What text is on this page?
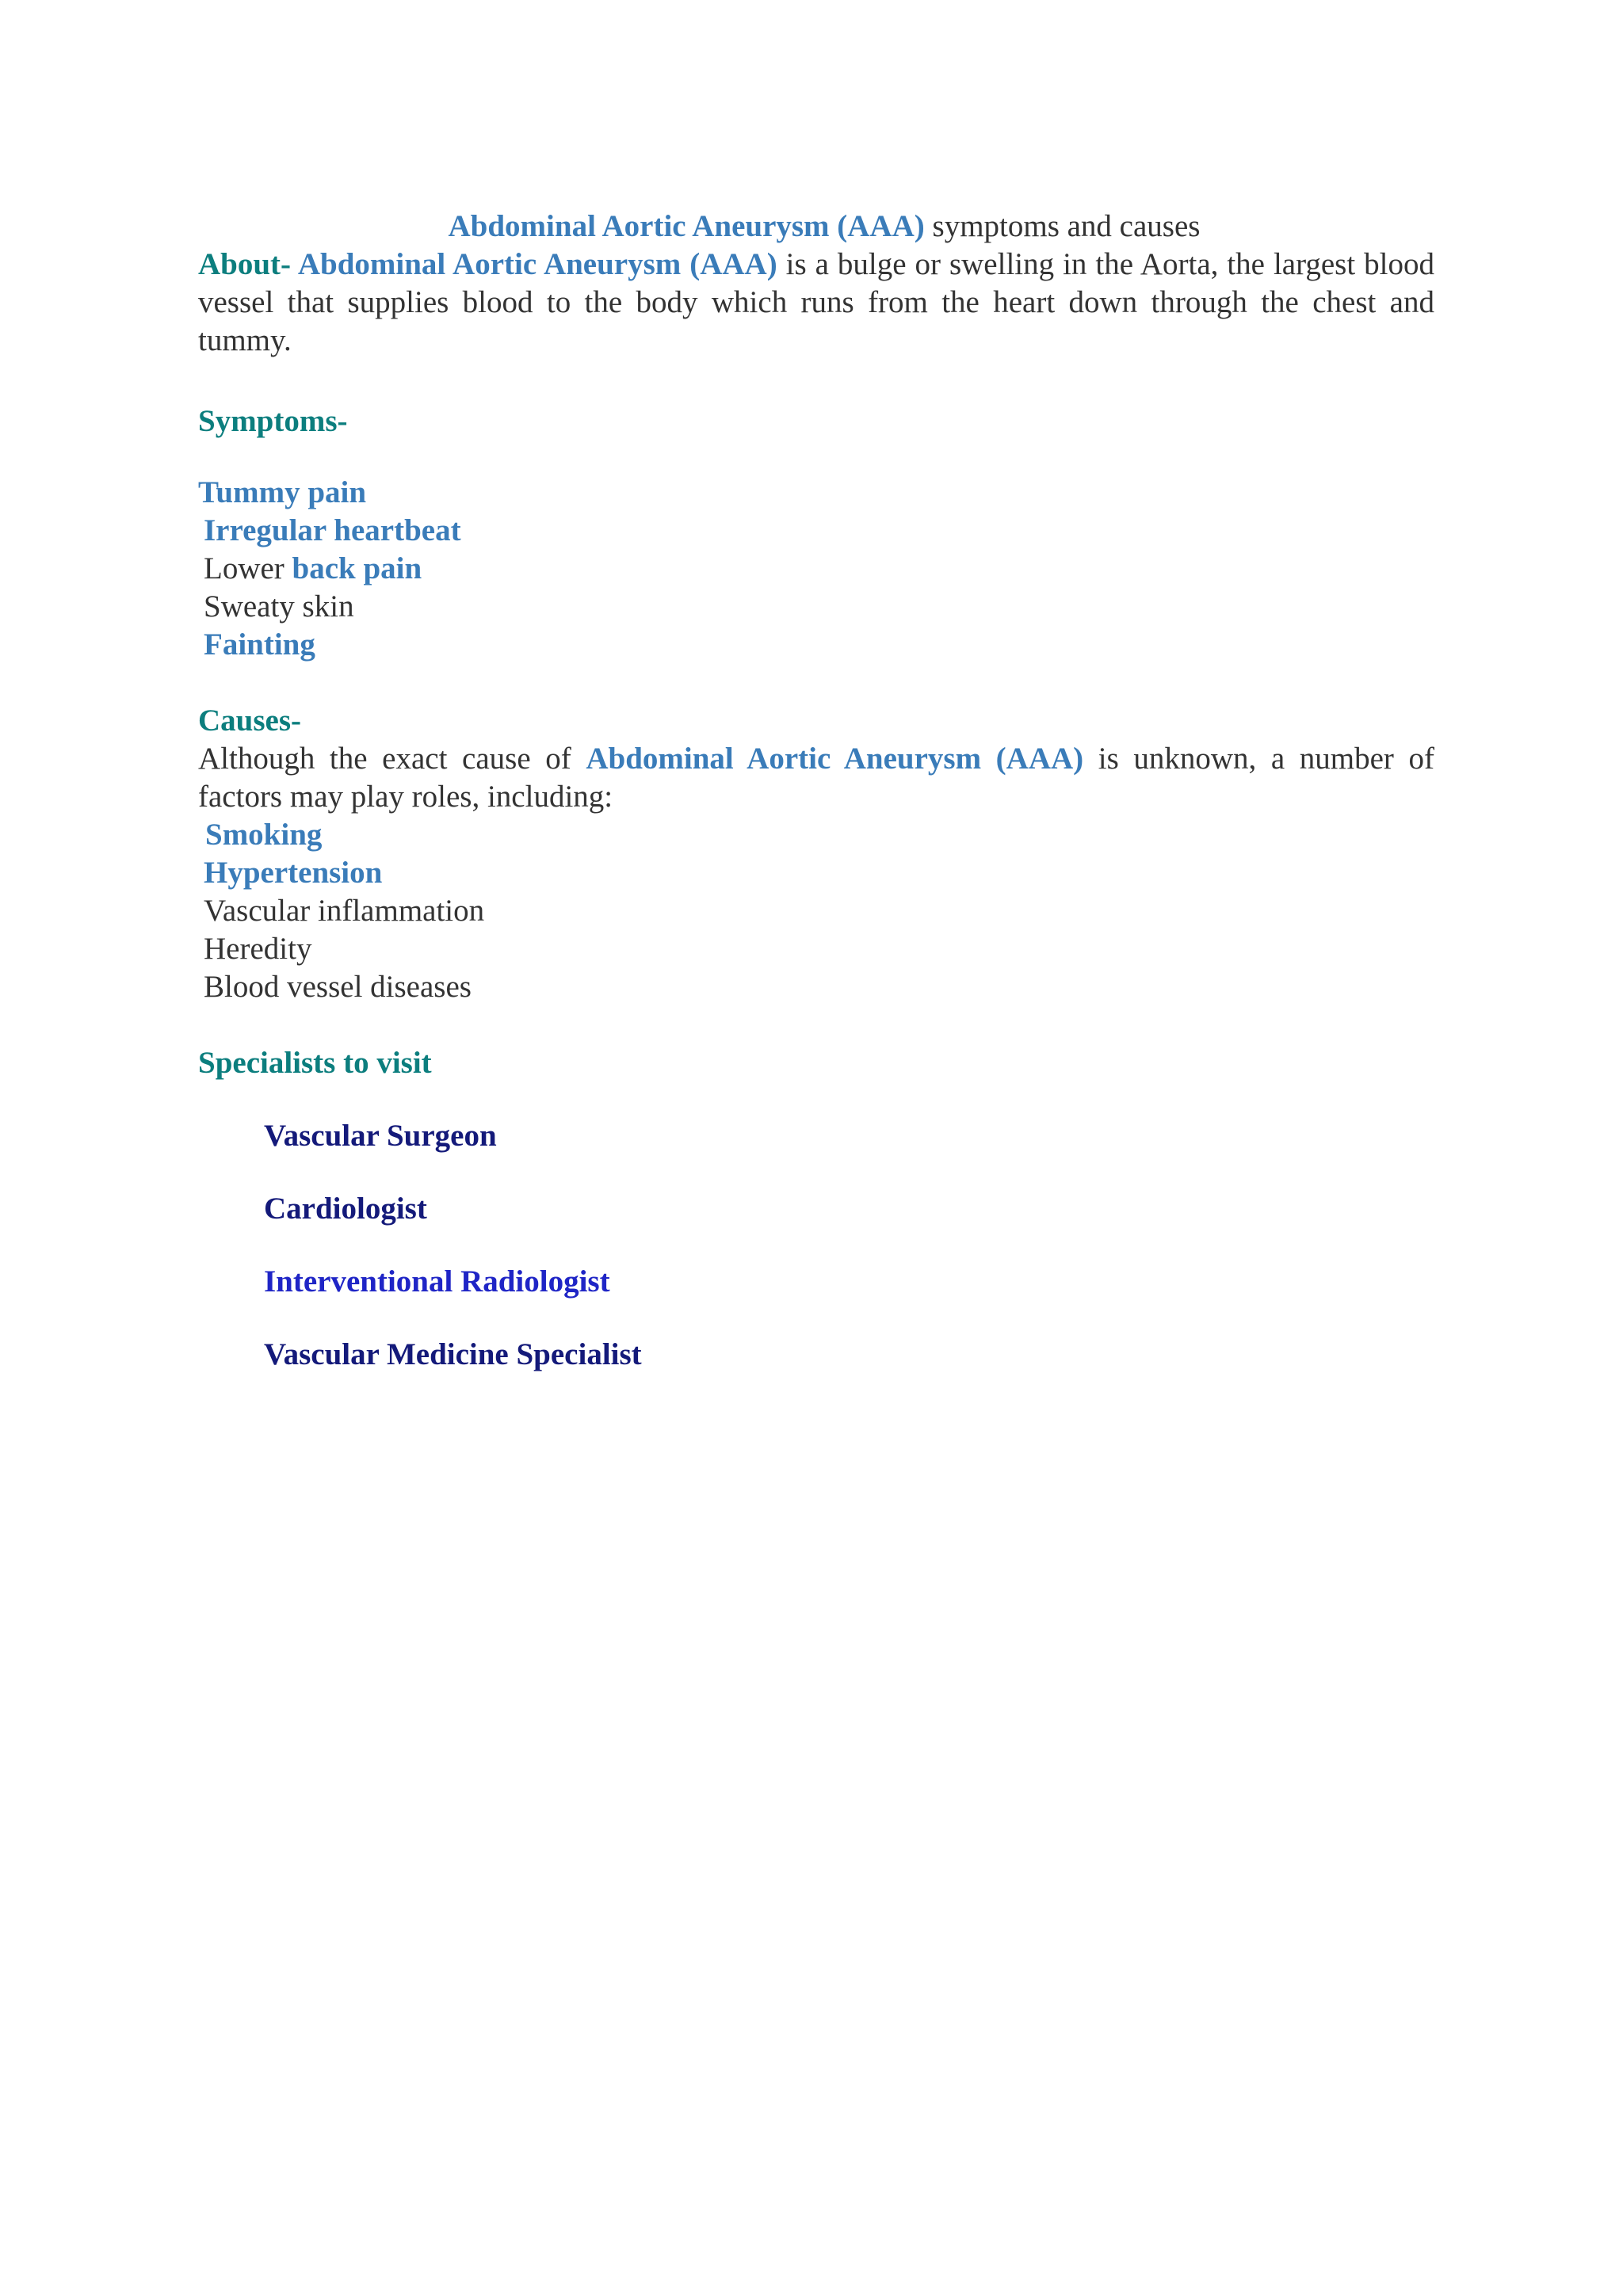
Abdominal Aortic Aneurysm (AAA) symptoms and causes

About- Abdominal Aortic Aneurysm (AAA) is a bulge or swelling in the Aorta, the largest blood vessel that supplies blood to the body which runs from the heart down through the chest and tummy.

Symptoms-

Tummy pain
Irregular heartbeat
Lower back pain
Sweaty skin
Fainting

Causes-

Although the exact cause of Abdominal Aortic Aneurysm (AAA) is unknown, a number of factors may play roles, including:

Smoking
Hypertension
Vascular inflammation
Heredity
Blood vessel diseases

Specialists to visit

Vascular Surgeon
Cardiologist
Interventional Radiologist
Vascular Medicine Specialist
